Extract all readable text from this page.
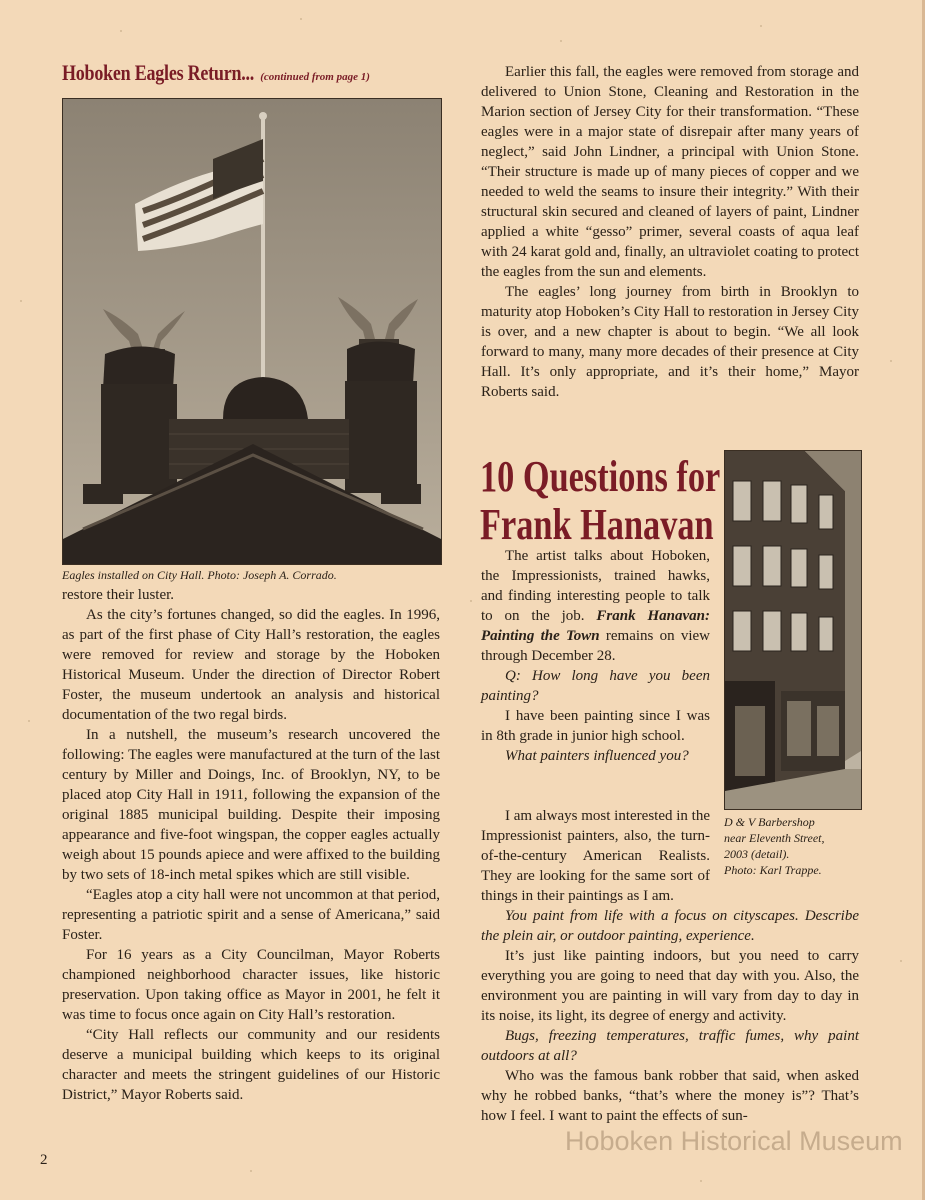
Hoboken Eagles Return... (continued from page 1)
Eagles installed on City Hall. Photo: Joseph A. Corrado.

restore their luster.

As the city’s fortunes changed, so did the eagles. In 1996, as part of the first phase of City Hall’s restoration, the eagles were removed for review and storage by the Hoboken Historical Museum. Under the direction of Director Robert Foster, the museum undertook an analysis and historical documentation of the two regal birds.

In a nutshell, the museum’s research uncovered the following: The eagles were manufactured at the turn of the last century by Miller and Doings, Inc. of Brooklyn, NY, to be placed atop City Hall in 1911, following the expansion of the original 1885 municipal building. Despite their imposing appearance and five-foot wingspan, the copper eagles actually weigh about 15 pounds apiece and were affixed to the building by two sets of 18-inch metal spikes which are still visible.

“Eagles atop a city hall were not uncommon at that period, representing a patriotic spirit and a sense of Americana,” said Foster.

For 16 years as a City Councilman, Mayor Roberts championed neighborhood character issues, like historic preservation. Upon taking office as Mayor in 2001, he felt it was time to focus once again on City Hall’s restoration.

“City Hall reflects our community and our residents deserve a municipal building which keeps to its original character and meets the stringent guidelines of our Historic District,” Mayor Roberts said.

Earlier this fall, the eagles were removed from storage and delivered to Union Stone, Cleaning and Restoration in the Marion section of Jersey City for their transformation. “These eagles were in a major state of disrepair after many years of neglect,” said John Lindner, a principal with Union Stone. “Their structure is made up of many pieces of copper and we needed to weld the seams to insure their integrity.” With their structural skin secured and cleaned of layers of paint, Lindner applied a white “gesso” primer, several coasts of aqua leaf with 24 karat gold and, finally, an ultraviolet coating to protect the eagles from the sun and elements.

The eagles’ long journey from birth in Brooklyn to maturity atop Hoboken’s City Hall to restoration in Jersey City is over, and a new chapter is about to begin. “We all look forward to many, many more decades of their presence at City Hall. It’s only appropriate, and it’s their home,” Mayor Roberts said.

10 Questions for
Frank Hanavan
D & V Barbershop
near Eleventh Street,
2003 (detail).
Photo: Karl Trappe.

The artist talks about Hoboken, the Impressionists, trained hawks, and finding interesting people to talk to on the job. Frank Hanavan: Painting the Town remains on view through December 28.

Q: How long have you been painting?

I have been painting since I was in 8th grade in junior high school.

What painters influenced you?

I am always most interested in the Impressionist painters, also, the turn-of-the-century American Realists. They are looking for the same sort of things in their paintings as I am.

You paint from life with a focus on cityscapes. Describe the plein air, or outdoor painting, experience.

It’s just like painting indoors, but you need to carry everything you are going to need that day with you. Also, the environment you are painting in will vary from day to day in its noise, its light, its degree of energy and activity.

Bugs, freezing temperatures, traffic fumes, why paint outdoors at all?

Who was the famous bank robber that said, when asked why he robbed banks, “that’s where the money is”? That’s how I feel. I want to paint the effects of sun-

2
Hoboken Historical Museum
